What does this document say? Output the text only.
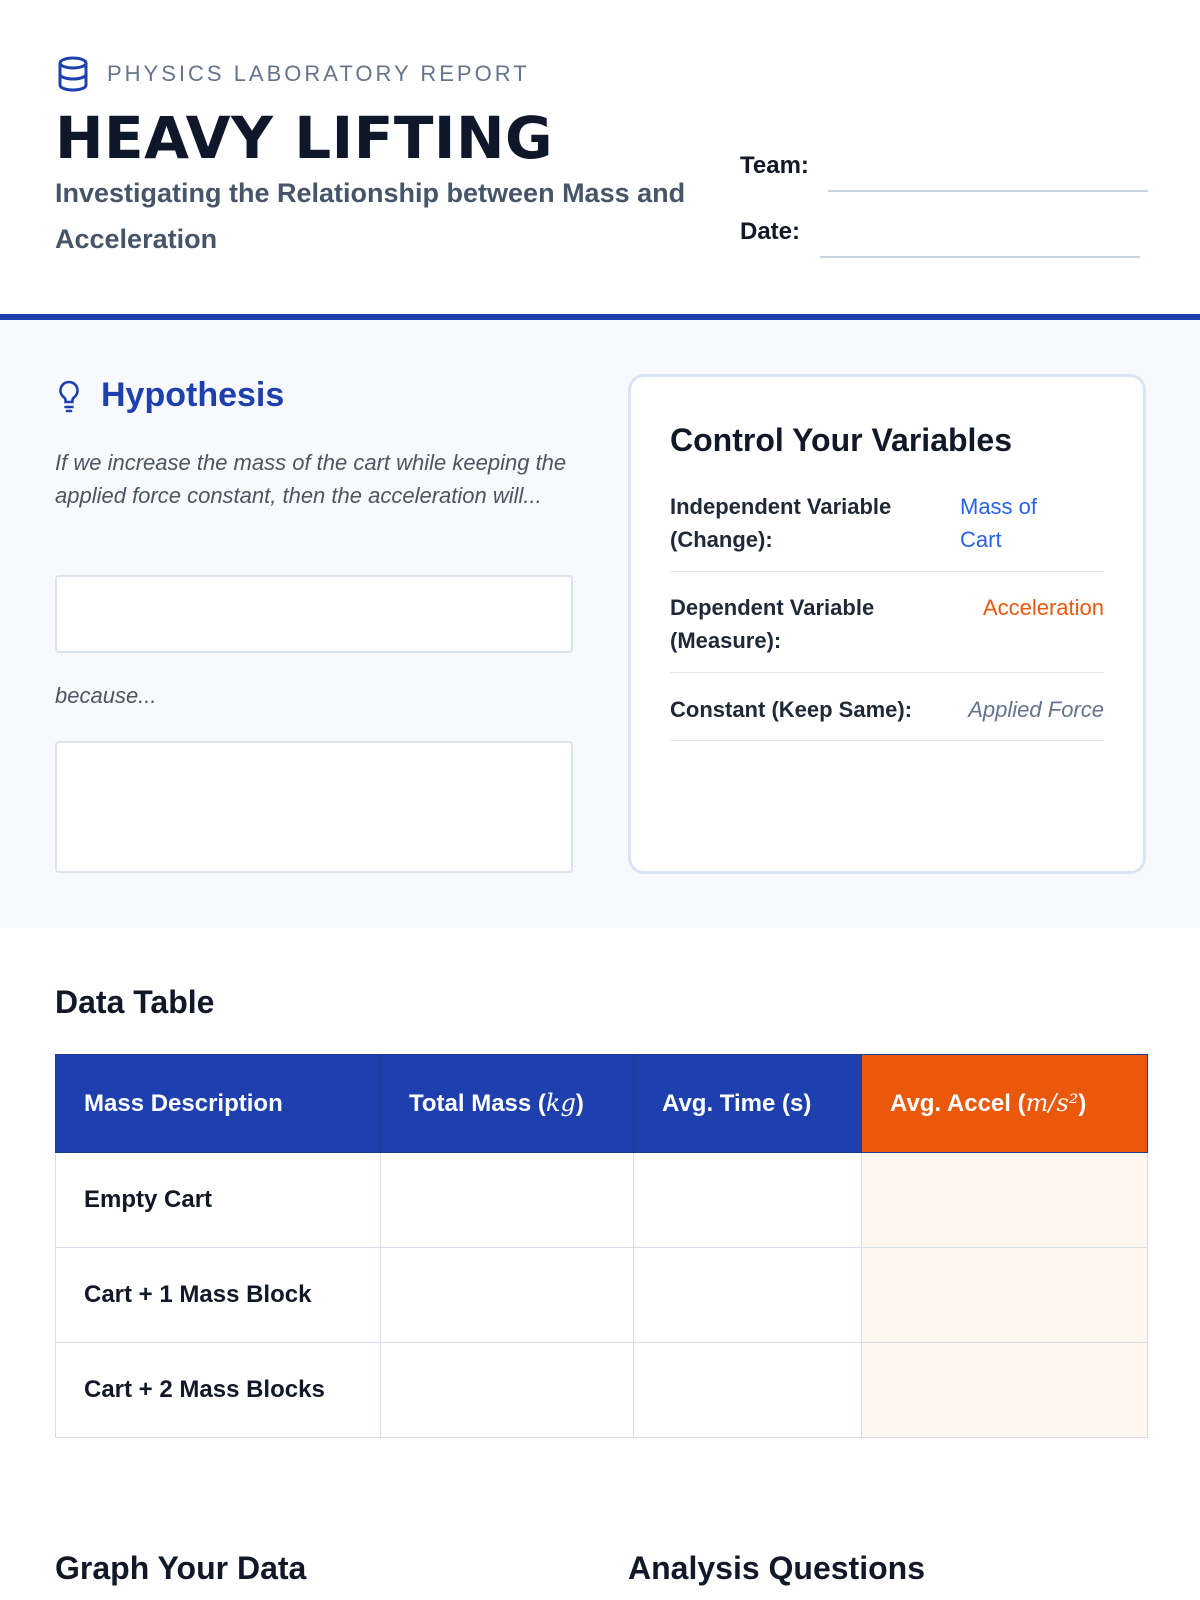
PHYSICS LABORATORY REPORT
HEAVY LIFTING
Investigating the Relationship between Mass and Acceleration
Team:
Date:
Hypothesis
If we increase the mass of the cart while keeping the applied force constant, then the acceleration will...
because...
Control Your Variables
Independent Variable (Change):
Mass of Cart
Dependent Variable (Measure):
Acceleration
Constant (Keep Same):	Applied Force
Data Table
Mass Description	Total Mass (kg)	Avg. Time (s)	Avg. Accel (m/s²)
Empty Cart			
Cart + 1 Mass Block			
Cart + 2 Mass Blocks			
Graph Your Data	Analysis Questions
